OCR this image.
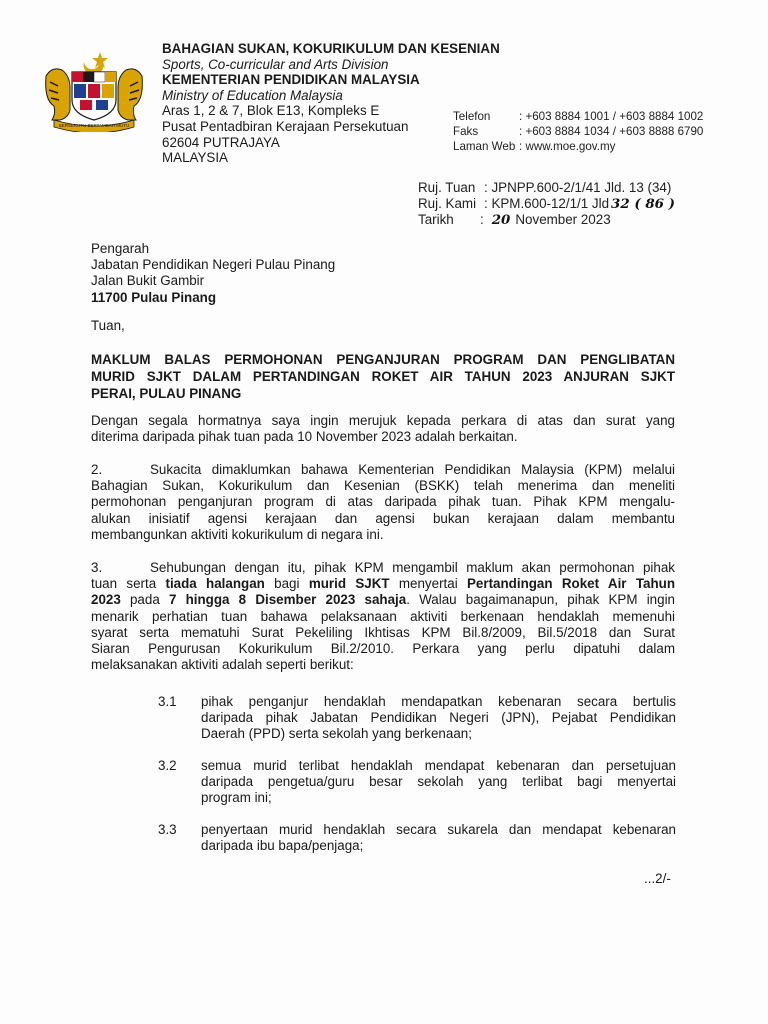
BERSEKUTU BERTAMBAH MUTU
BAHAGIAN SUKAN, KOKURIKULUM DAN KESENIAN
Sports, Co-curricular and Arts Division
KEMENTERIAN PENDIDIKAN MALAYSIA
Ministry of Education Malaysia
Aras 1, 2 & 7, Blok E13, Kompleks E
Pusat Pentadbiran Kerajaan Persekutuan
62604 PUTRAJAYA
MALAYSIA
Telefon	: +603 8884 1001 / +603 8884 1002
Faks	: +603 8884 1034 / +603 8888 6790
Laman Web : www.moe.gov.my
Ruj. Tuan : JPNPP.600-2/1/41 Jld. 13 (34)
Ruj. Kami : KPM.600-12/1/1 Jld 32 ( 86 )
Tarikh	: 20 November 2023
Pengarah
Jabatan Pendidikan Negeri Pulau Pinang
Jalan Bukit Gambir
11700 Pulau Pinang
Tuan,
MAKLUM BALAS PERMOHONAN PENGANJURAN PROGRAM DAN PENGLIBATAN
MURID SJKT DALAM PERTANDINGAN ROKET AIR TAHUN 2023 ANJURAN SJKT
PERAI, PULAU PINANG
Dengan segala hormatnya saya ingin merujuk kepada perkara di atas dan surat yang
diterima daripada pihak tuan pada 10 November 2023 adalah berkaitan.
2.	Sukacita dimaklumkan bahawa Kementerian Pendidikan Malaysia (KPM) melalui
Bahagian Sukan, Kokurikulum dan Kesenian (BSKK) telah menerima dan meneliti
permohonan penganjuran program di atas daripada pihak tuan. Pihak KPM mengalu-
alukan inisiatif agensi kerajaan dan agensi bukan kerajaan dalam membantu
membangunkan aktiviti kokurikulum di negara ini.
3.	Sehubungan dengan itu, pihak KPM mengambil maklum akan permohonan pihak
tuan serta tiada halangan bagi murid SJKT menyertai Pertandingan Roket Air Tahun
2023 pada 7 hingga 8 Disember 2023 sahaja. Walau bagaimanapun, pihak KPM ingin
menarik perhatian tuan bahawa pelaksanaan aktiviti berkenaan hendaklah memenuhi
syarat serta mematuhi Surat Pekeliling Ikhtisas KPM Bil.8/2009, Bil.5/2018 dan Surat
Siaran Pengurusan Kokurikulum Bil.2/2010. Perkara yang perlu dipatuhi dalam
melaksanakan aktiviti adalah seperti berikut:
3.1	pihak penganjur hendaklah mendapatkan kebenaran secara bertulis
daripada pihak Jabatan Pendidikan Negeri (JPN), Pejabat Pendidikan
Daerah (PPD) serta sekolah yang berkenaan;
3.2	semua murid terlibat hendaklah mendapat kebenaran dan persetujuan
daripada pengetua/guru besar sekolah yang terlibat bagi menyertai
program ini;
3.3	penyertaan murid hendaklah secara sukarela dan mendapat kebenaran
daripada ibu bapa/penjaga;
...2/-
